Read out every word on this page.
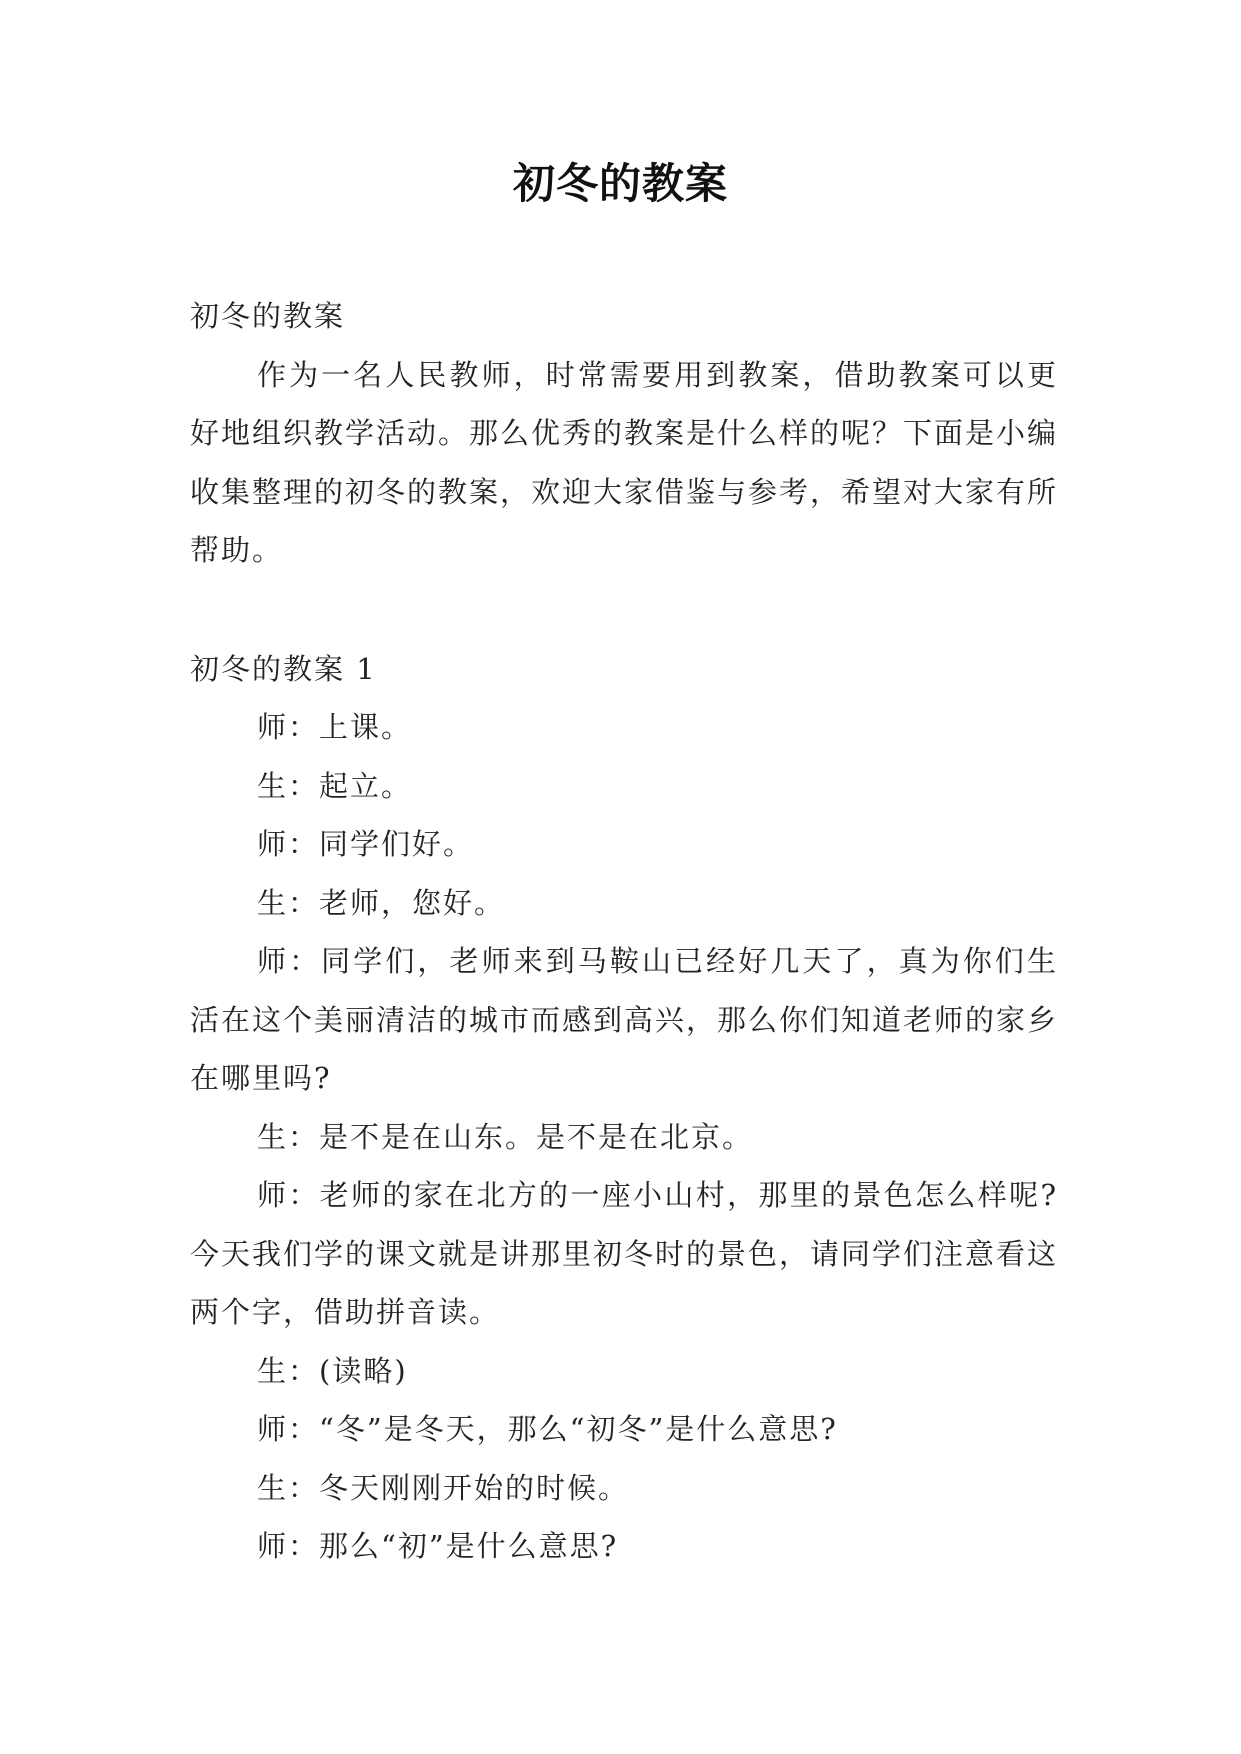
初冬的教案

初冬的教案

作为一名人民教师，时常需要用到教案，借助教案可以更好地组织教学活动。那么优秀的教案是什么样的呢？下面是小编收集整理的初冬的教案，欢迎大家借鉴与参考，希望对大家有所帮助。

初冬的教案 1

师：上课。

生：起立。

师：同学们好。

生：老师，您好。

师：同学们，老师来到马鞍山已经好几天了，真为你们生活在这个美丽清洁的城市而感到高兴，那么你们知道老师的家乡在哪里吗?

生：是不是在山东。是不是在北京。

师：老师的家在北方的一座小山村，那里的景色怎么样呢?今天我们学的课文就是讲那里初冬时的景色，请同学们注意看这两个字，借助拼音读。

生：(读略)

师：“冬”是冬天，那么“初冬”是什么意思?

生：冬天刚刚开始的时候。

师：那么“初”是什么意思?
